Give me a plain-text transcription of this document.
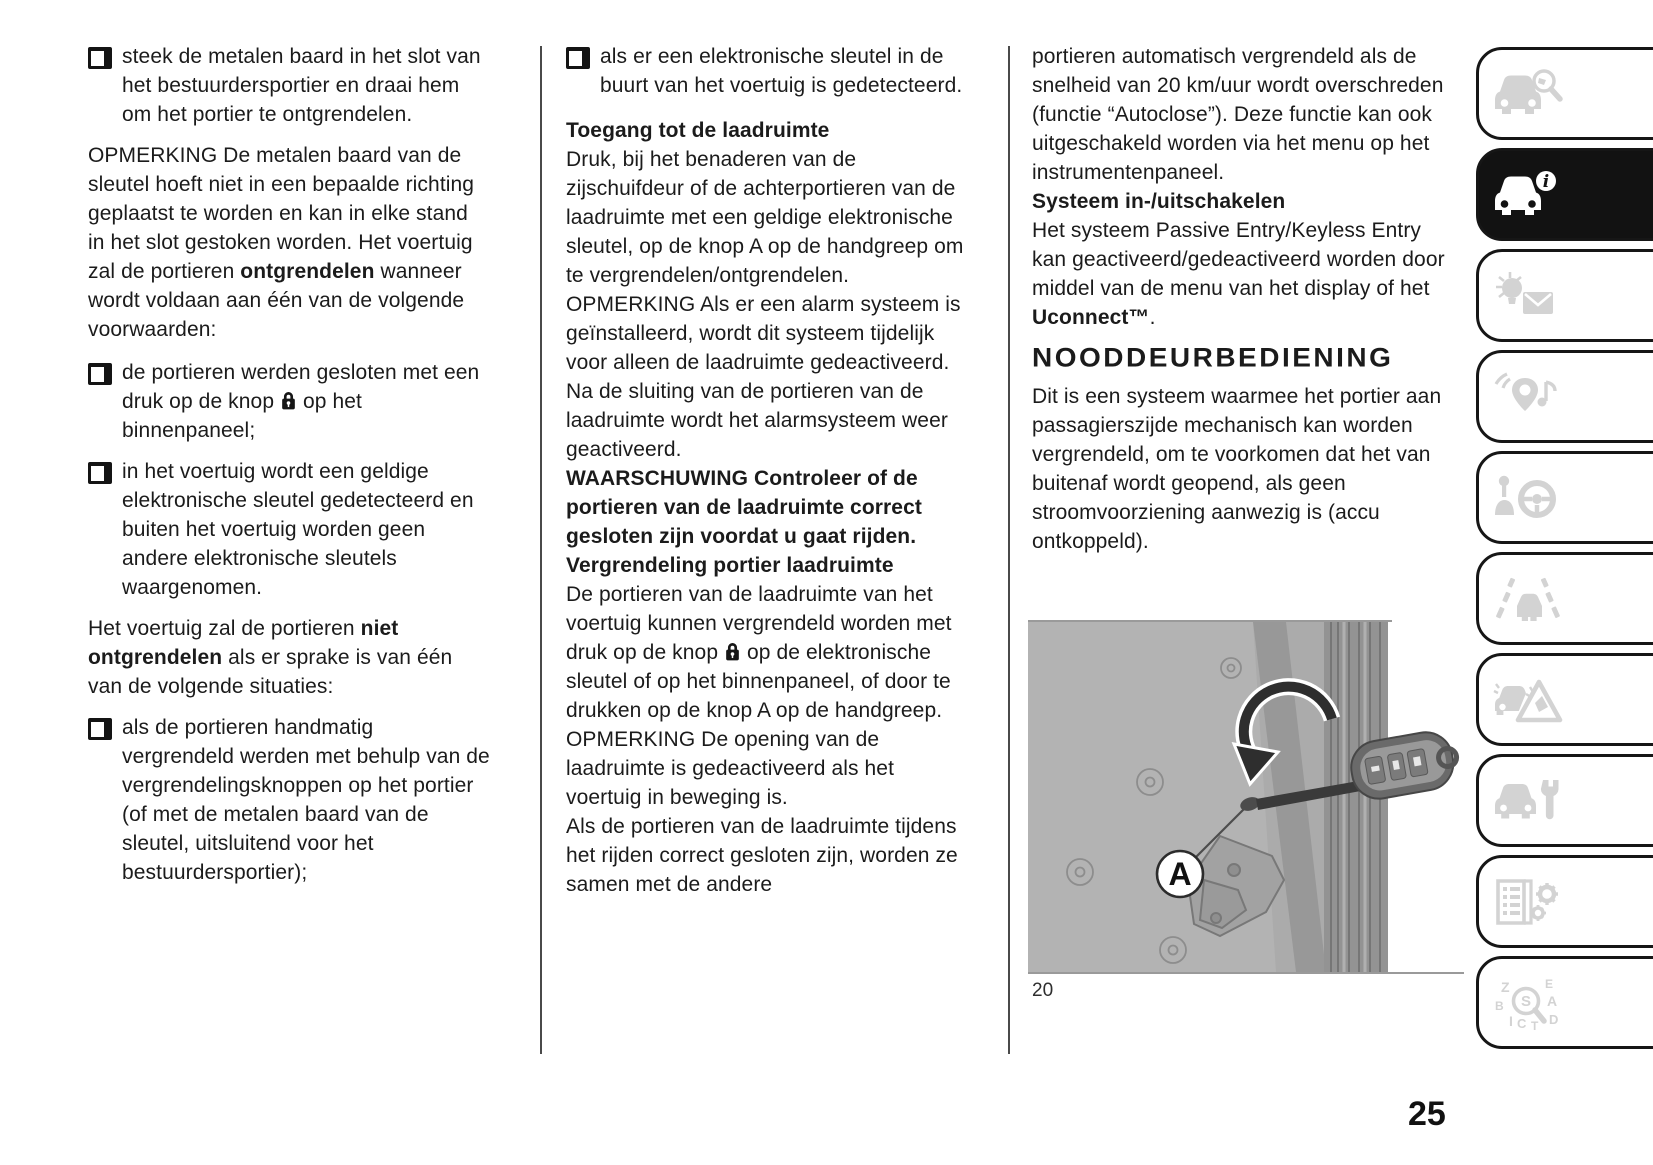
steek de metalen baard in het slot van het bestuurdersportier en draai hem om het portier te ontgrendelen.

OPMERKING De metalen baard van de sleutel hoeft niet in een bepaalde richting geplaatst te worden en kan in elke stand in het slot gestoken worden. Het voertuig zal de portieren ontgrendelen wanneer wordt voldaan aan één van de volgende voorwaarden:

de portieren werden gesloten met een druk op de knop  op het binnenpaneel;

in het voertuig wordt een geldige elektronische sleutel gedetecteerd en buiten het voertuig worden geen andere elektronische sleutels waargenomen.

Het voertuig zal de portieren niet ontgrendelen als er sprake is van één van de volgende situaties:

als de portieren handmatig vergrendeld werden met behulp van de vergrendelingsknoppen op het portier (of met de metalen baard van de sleutel, uitsluitend voor het bestuurdersportier);

als er een elektronische sleutel in de buurt van het voertuig is gedetecteerd.

Toegang tot de laadruimte

Druk, bij het benaderen van de zijschuifdeur of de achterportieren van de laadruimte met een geldige elektronische sleutel, op de knop A op de handgreep om te vergrendelen/ontgrendelen.

OPMERKING Als er een alarm systeem is geïnstalleerd, wordt dit systeem tijdelijk voor alleen de laadruimte gedeactiveerd. Na de sluiting van de portieren van de laadruimte wordt het alarmsysteem weer geactiveerd.

WAARSCHUWING Controleer of de portieren van de laadruimte correct gesloten zijn voordat u gaat rijden.

Vergrendeling portier laadruimte

De portieren van de laadruimte van het voertuig kunnen vergrendeld worden met druk op de knop  op de elektronische sleutel of op het binnenpaneel, of door te drukken op de knop A op de handgreep.

OPMERKING De opening van de laadruimte is gedeactiveerd als het voertuig in beweging is.

Als de portieren van de laadruimte tijdens het rijden correct gesloten zijn, worden ze samen met de andere

portieren automatisch vergrendeld als de snelheid van 20 km/uur wordt overschreden (functie “Autoclose”). Deze functie kan ook uitgeschakeld worden via het menu op het instrumentenpaneel.

Systeem in-/uitschakelen

Het systeem Passive Entry/Keyless Entry kan geactiveerd/gedeactiveerd worden door middel van de menu van het display of het Uconnect™.

NOODDEURBEDIENING

Dit is een systeem waarmee het portier aan passagierszijde mechanisch kan worden vergrendeld, om te voorkomen dat het van buitenaf wordt geopend, als geen stroomvoorziening aanwezig is (accu ontkoppeld).

A
20
i
Z	E
B	A
I C T D
S
25
